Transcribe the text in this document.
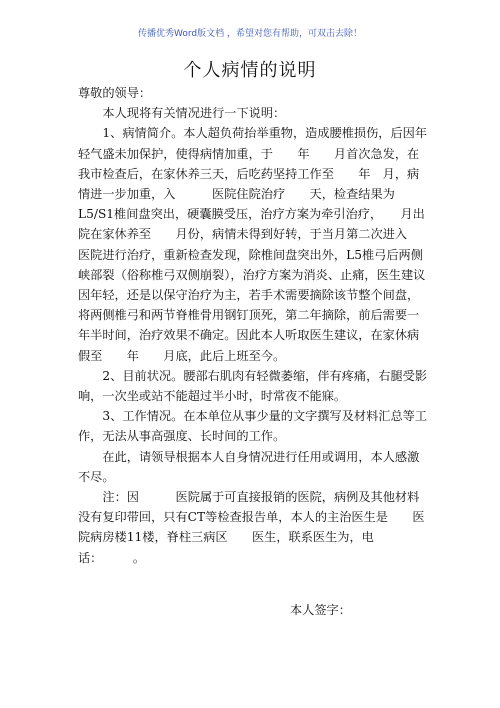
传播优秀Word版文档 ，希望对您有帮助，可双击去除！
个人病情的说明

尊敬的领导：

本人现将有关情况进行一下说明：

1、病情简介。本人超负荷抬举重物，造成腰椎损伤，后因年轻气盛未加保护，使得病情加重，于　　年　　月首次急发，在我市检查后，在家休养三天，后吃药坚持工作至　　年　月，病情进一步加重，入　　　医院住院治疗　　天，检查结果为L5/S1椎间盘突出，硬囊膜受压，治疗方案为牵引治疗，　　月出院在家休养至　　月份，病情未得到好转，于当月第二次进入　　　医院进行治疗，重新检查发现，除椎间盘突出外，L5椎弓后两侧峡部裂（俗称椎弓双侧崩裂），治疗方案为消炎、止痛，医生建议因年轻，还是以保守治疗为主，若手术需要摘除该节整个间盘，将两侧椎弓和两节脊椎骨用钢钉顶死，第二年摘除，前后需要一年半时间，治疗效果不确定。因此本人听取医生建议，在家休病假至　　年　　月底，此后上班至今。

2、目前状况。腰部右肌肉有轻微萎缩，伴有疼痛，右腿受影响，一次坐或站不能超过半小时，时常夜不能寐。

3、工作情况。在本单位从事少量的文字撰写及材料汇总等工作，无法从事高强度、长时间的工作。

在此，请领导根据本人自身情况进行任用或调用，本人感激不尽。

注：因　　　医院属于可直接报销的医院，病例及其他材料没有复印带回，只有CT等检查报告单，本人的主治医生是　　医院病房楼11楼，脊柱三病区　　医生，联系医生为，电话：　　　。

本人签字：
